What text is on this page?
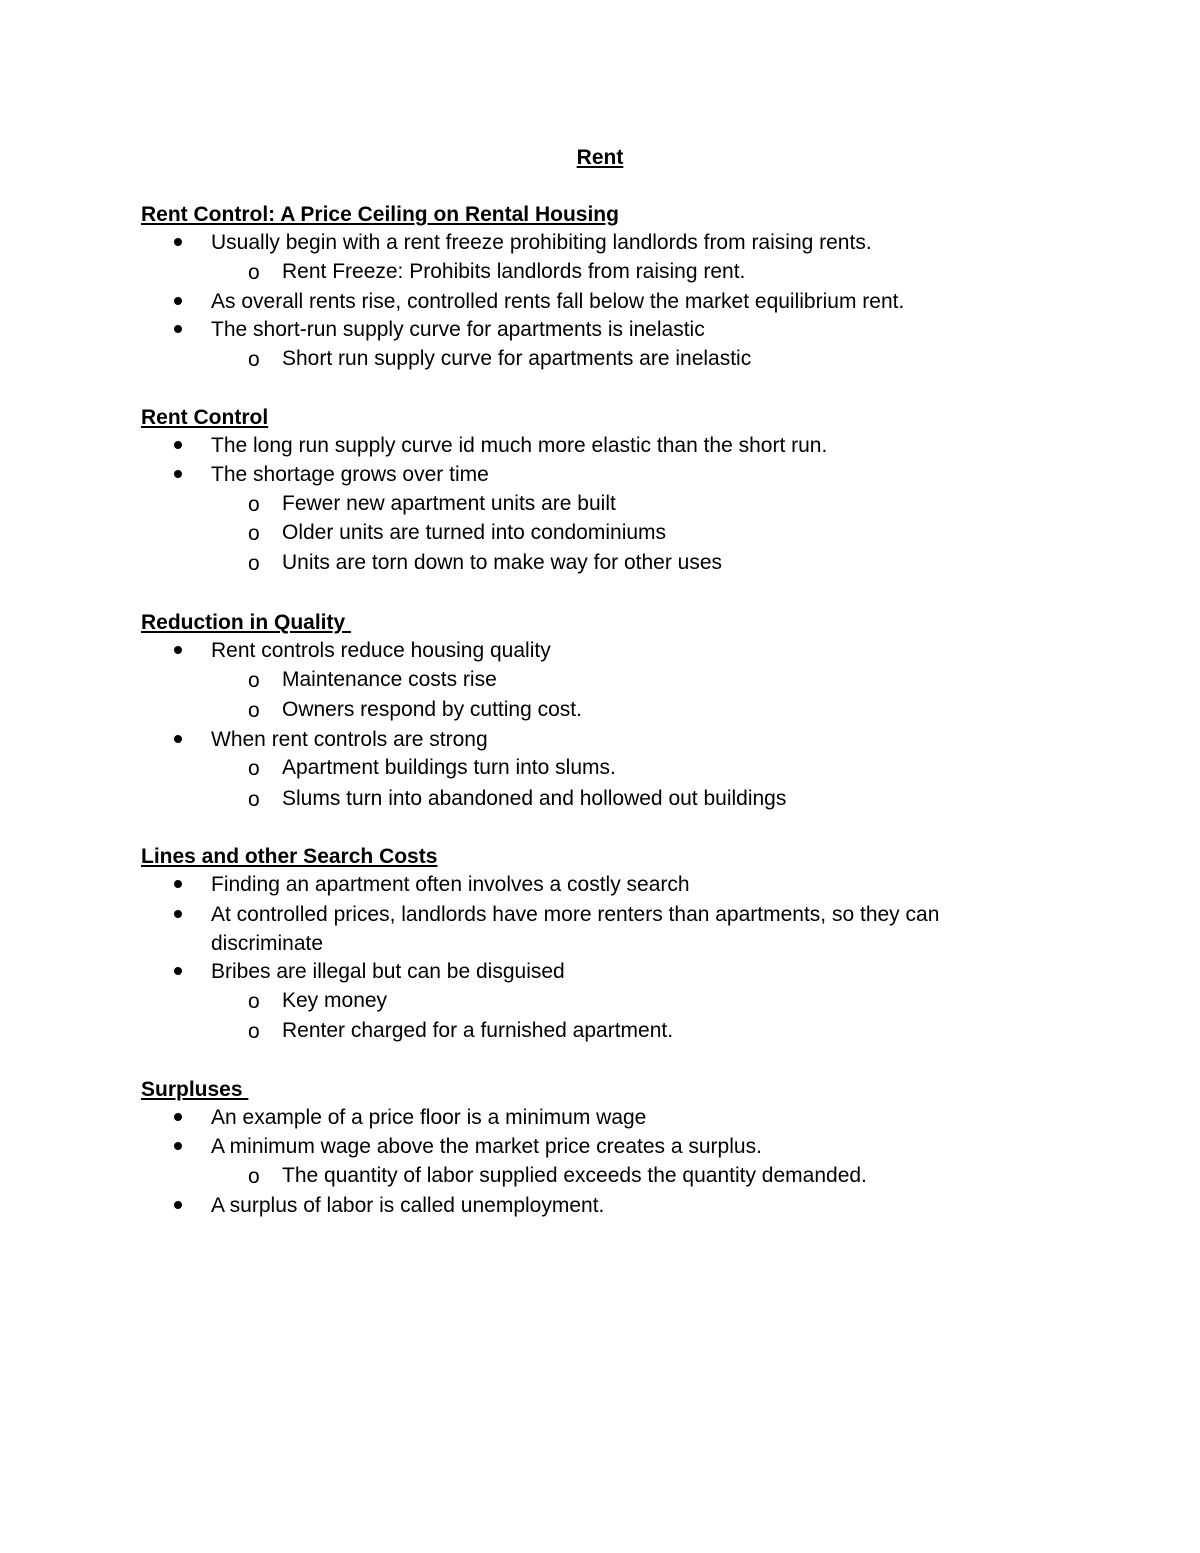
Rent
Rent Control: A Price Ceiling on Rental Housing
Usually begin with a rent freeze prohibiting landlords from raising rents.
o Rent Freeze: Prohibits landlords from raising rent.
As overall rents rise, controlled rents fall below the market equilibrium rent.
The short-run supply curve for apartments is inelastic
o Short run supply curve for apartments are inelastic
Rent Control
The long run supply curve id much more elastic than the short run.
The shortage grows over time
o Fewer new apartment units are built
o Older units are turned into condominiums
o Units are torn down to make way for other uses
Reduction in Quality
Rent controls reduce housing quality
o Maintenance costs rise
o Owners respond by cutting cost.
When rent controls are strong
o Apartment buildings turn into slums.
o Slums turn into abandoned and hollowed out buildings
Lines and other Search Costs
Finding an apartment often involves a costly search
At controlled prices, landlords have more renters than apartments, so they can discriminate
Bribes are illegal but can be disguised
o Key money
o Renter charged for a furnished apartment.
Surpluses
An example of a price floor is a minimum wage
A minimum wage above the market price creates a surplus.
o The quantity of labor supplied exceeds the quantity demanded.
A surplus of labor is called unemployment.
